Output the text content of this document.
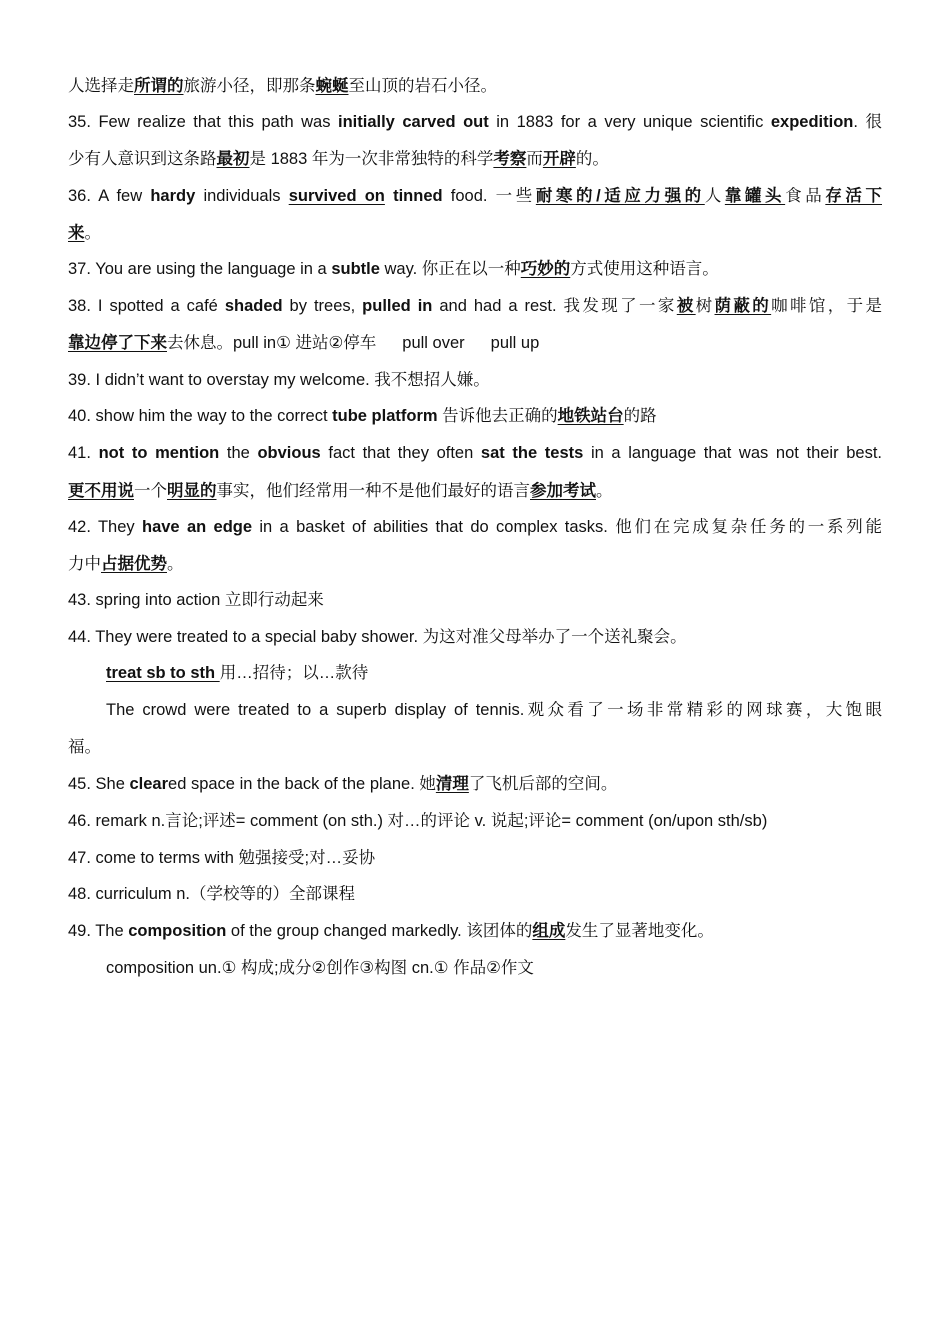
人选择走所谓的旅游小径，即那条蜿蜒至山顶的岩石小径。
35. Few realize that this path was initially carved out in 1883 for a very unique scientific expedition. 很
少有人意识到这条路最初是 1883 年为一次非常独特的科学考察而开辟的。
36. A few hardy individuals survived on tinned food. 一些耐寒的/适应力强的人靠罐头食品存活下
来。
37. You are using the language in a subtle way. 你正在以一种巧妙的方式使用这种语言。
38. I spotted a café shaded by trees, pulled in and had a rest. 我发现了一家被树荫蔽的咖啡馆，于是
靠边停了下来去休息。pull in① 进站②停车 pull over pull up
39. I didn’t want to overstay my welcome. 我不想招人嫌。
40. show him the way to the correct tube platform 告诉他去正确的地铁站台的路
41. not to mention the obvious fact that they often sat the tests in a language that was not their best.
更不用说一个明显的事实，他们经常用一种不是他们最好的语言参加考试。
42. They have an edge in a basket of abilities that do complex tasks. 他们在完成复杂任务的一系列能
力中占据优势。
43. spring into action 立即行动起来
44. They were treated to a special baby shower. 为这对准父母举办了一个送礼聚会。
treat sb to sth 用…招待；以…款待
The crowd were treated to a superb display of tennis.观众看了一场非常精彩的网球赛，大饱眼
福。
45. She cleared space in the back of the plane. 她清理了飞机后部的空间。
46. remark n.言论;评述= comment (on sth.) 对…的评论 v. 说起;评论= comment (on/upon sth/sb)
47. come to terms with 勉强接受;对…妥协
48. curriculum n.（学校等的）全部课程
49. The composition of the group changed markedly. 该团体的组成发生了显著地变化。
composition un.① 构成;成分②创作③构图 cn.① 作品②作文
